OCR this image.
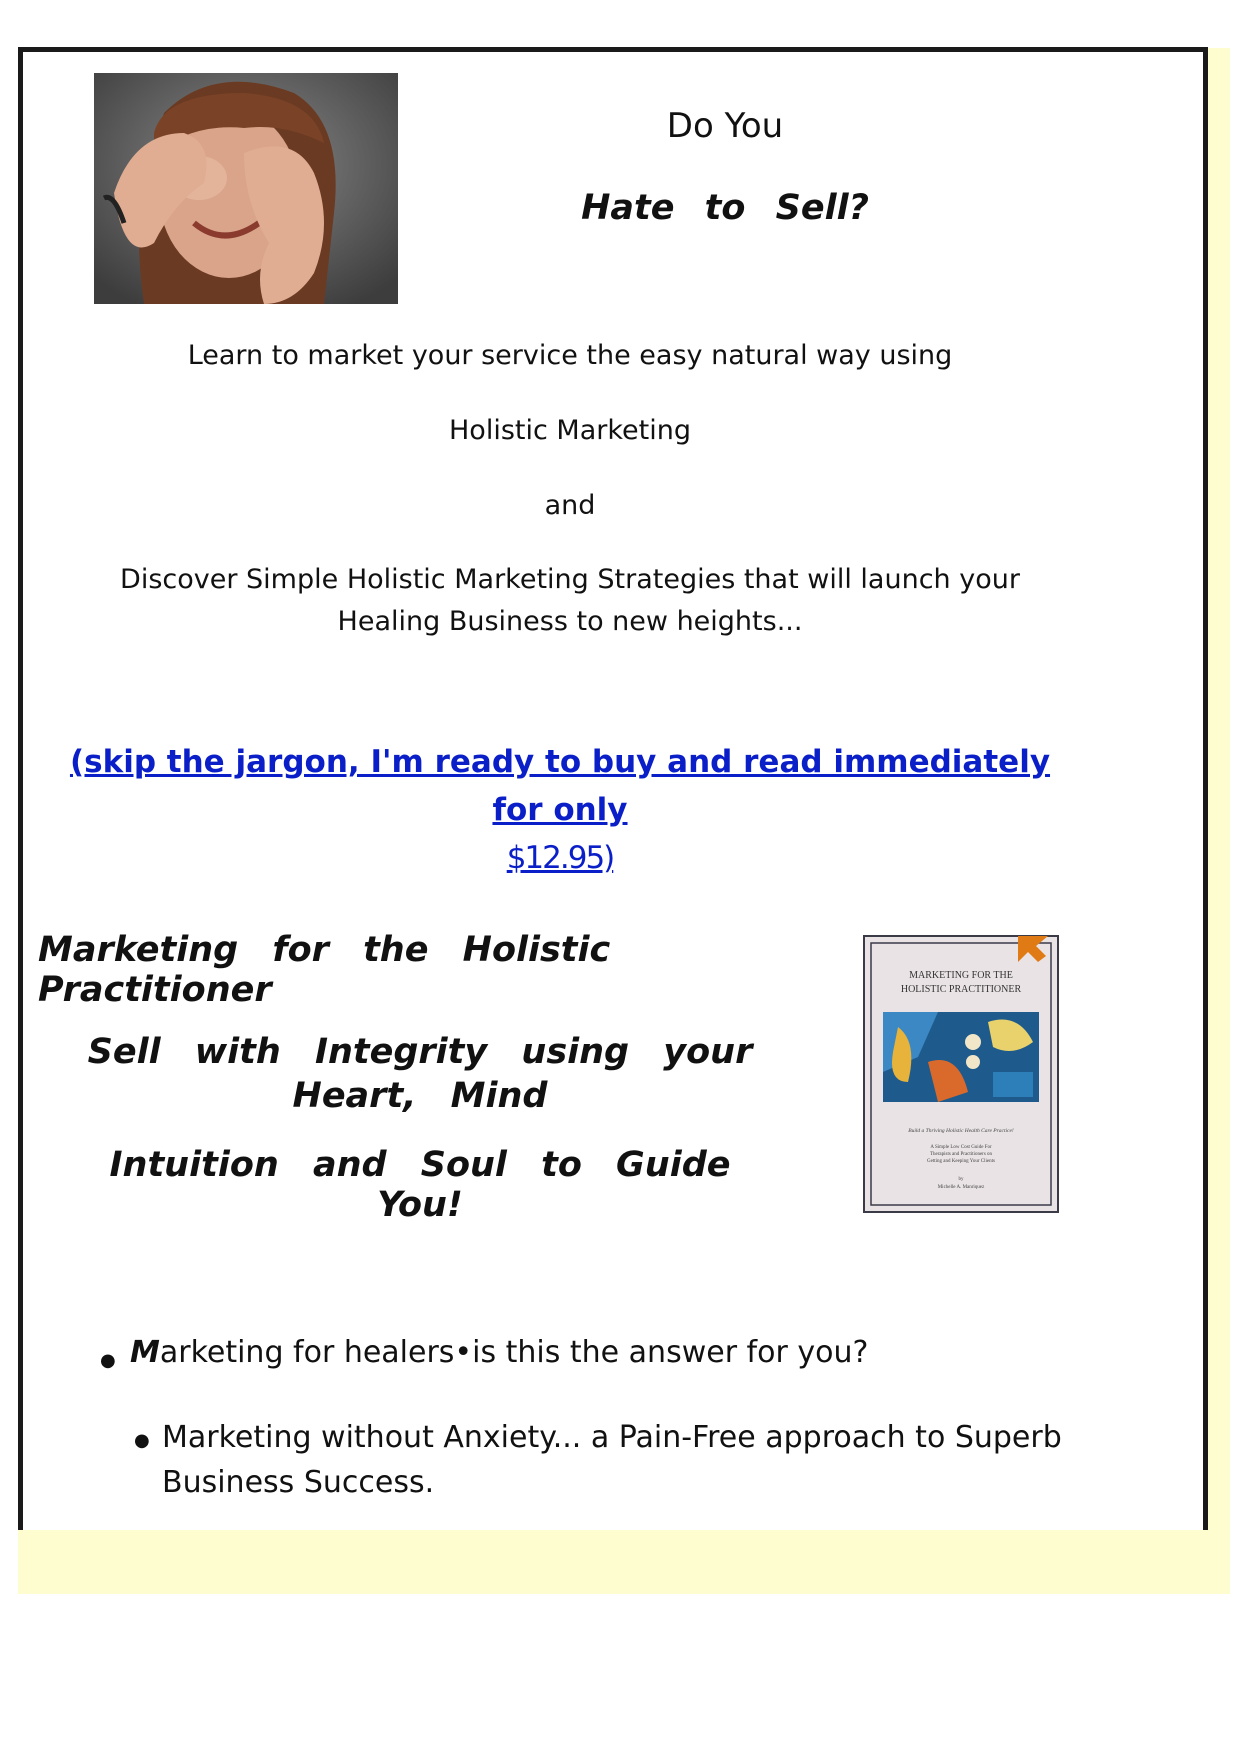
Do You
Hate to Sell?
Learn to market your service the easy natural way using
Holistic Marketing
and
Discover Simple Holistic Marketing Strategies that will launch your Healing Business to new heights...
(skip the jargon, I'm ready to buy and read immediately for only
$12.95)
Marketing for the Holistic Practitioner
Sell with Integrity using your Heart, Mind
Intuition and Soul to Guide You!
MARKETING FOR THE
HOLISTIC PRACTITIONER
Build a Thriving Holistic Health Care Practice!
A Simple Low Cost Guide For
Therapists and Practitioners on
Getting and Keeping Your Clients
by
Michelle A. Manriquez
● Marketing for healers•is this the answer for you?
● Marketing without Anxiety... a Pain-Free approach to Superb Business Success.
